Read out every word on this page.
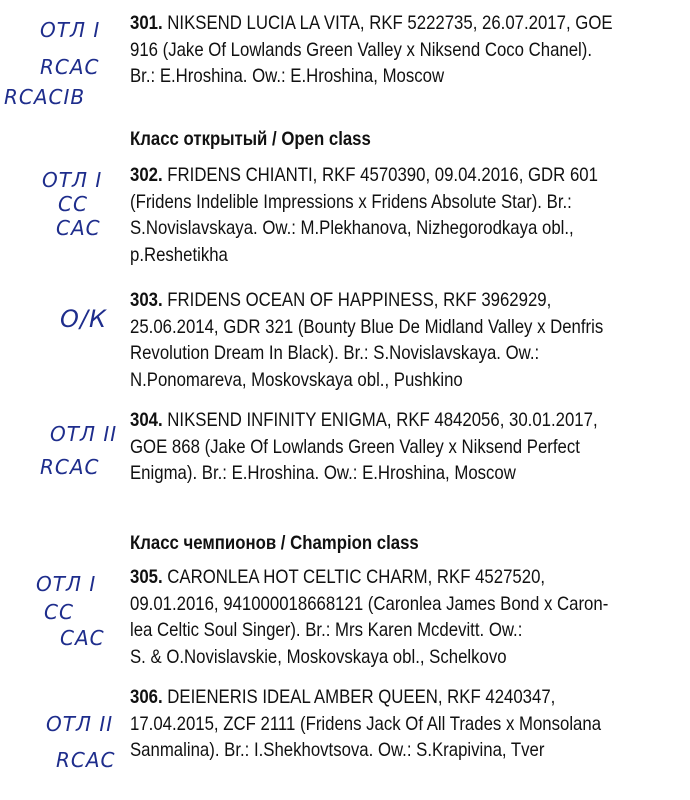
301. NIKSEND LUCIA LA VITA, RKF 5222735, 26.07.2017, GOE
916 (Jake Of Lowlands Green Valley x Niksend Coco Chanel).
Br.: E.Hroshina. Ow.: E.Hroshina, Moscow
ОТЛ I
RCAC
RCACIB
Класс открытый / Open class
302. FRIDENS CHIANTI, RKF 4570390, 09.04.2016, GDR 601
(Fridens Indelible Impressions x Fridens Absolute Star). Br.:
S.Novislavskaya. Ow.: M.Plekhanova, Nizhegorodkaya obl.,
p.Reshetikha
ОТЛ I
СС
CAC
303. FRIDENS OCEAN OF HAPPINESS, RKF 3962929,
25.06.2014, GDR 321 (Bounty Blue De Midland Valley x Denfris
Revolution Dream In Black). Br.: S.Novislavskaya. Ow.:
N.Ponomareva, Moskovskaya obl., Pushkino
О/К
304. NIKSEND INFINITY ENIGMA, RKF 4842056, 30.01.2017,
GOE 868 (Jake Of Lowlands Green Valley x Niksend Perfect
Enigma). Br.: E.Hroshina. Ow.: E.Hroshina, Moscow
ОТЛ II
RCAC
Класс чемпионов / Champion class
305. CARONLEA HOT CELTIC CHARM, RKF 4527520,
09.01.2016, 941000018668121 (Caronlea James Bond x Caron-
lea Celtic Soul Singer). Br.: Mrs Karen Mcdevitt. Ow.:
S. & O.Novislavskie, Moskovskaya obl., Schelkovo
ОТЛ I
СС
CAC
306. DEIENERIS IDEAL AMBER QUEEN, RKF 4240347,
17.04.2015, ZCF 2111 (Fridens Jack Of All Trades x Monsolana
Sanmalina). Br.: I.Shekhovtsova. Ow.: S.Krapivina, Tver
ОТЛ II
RCAC
